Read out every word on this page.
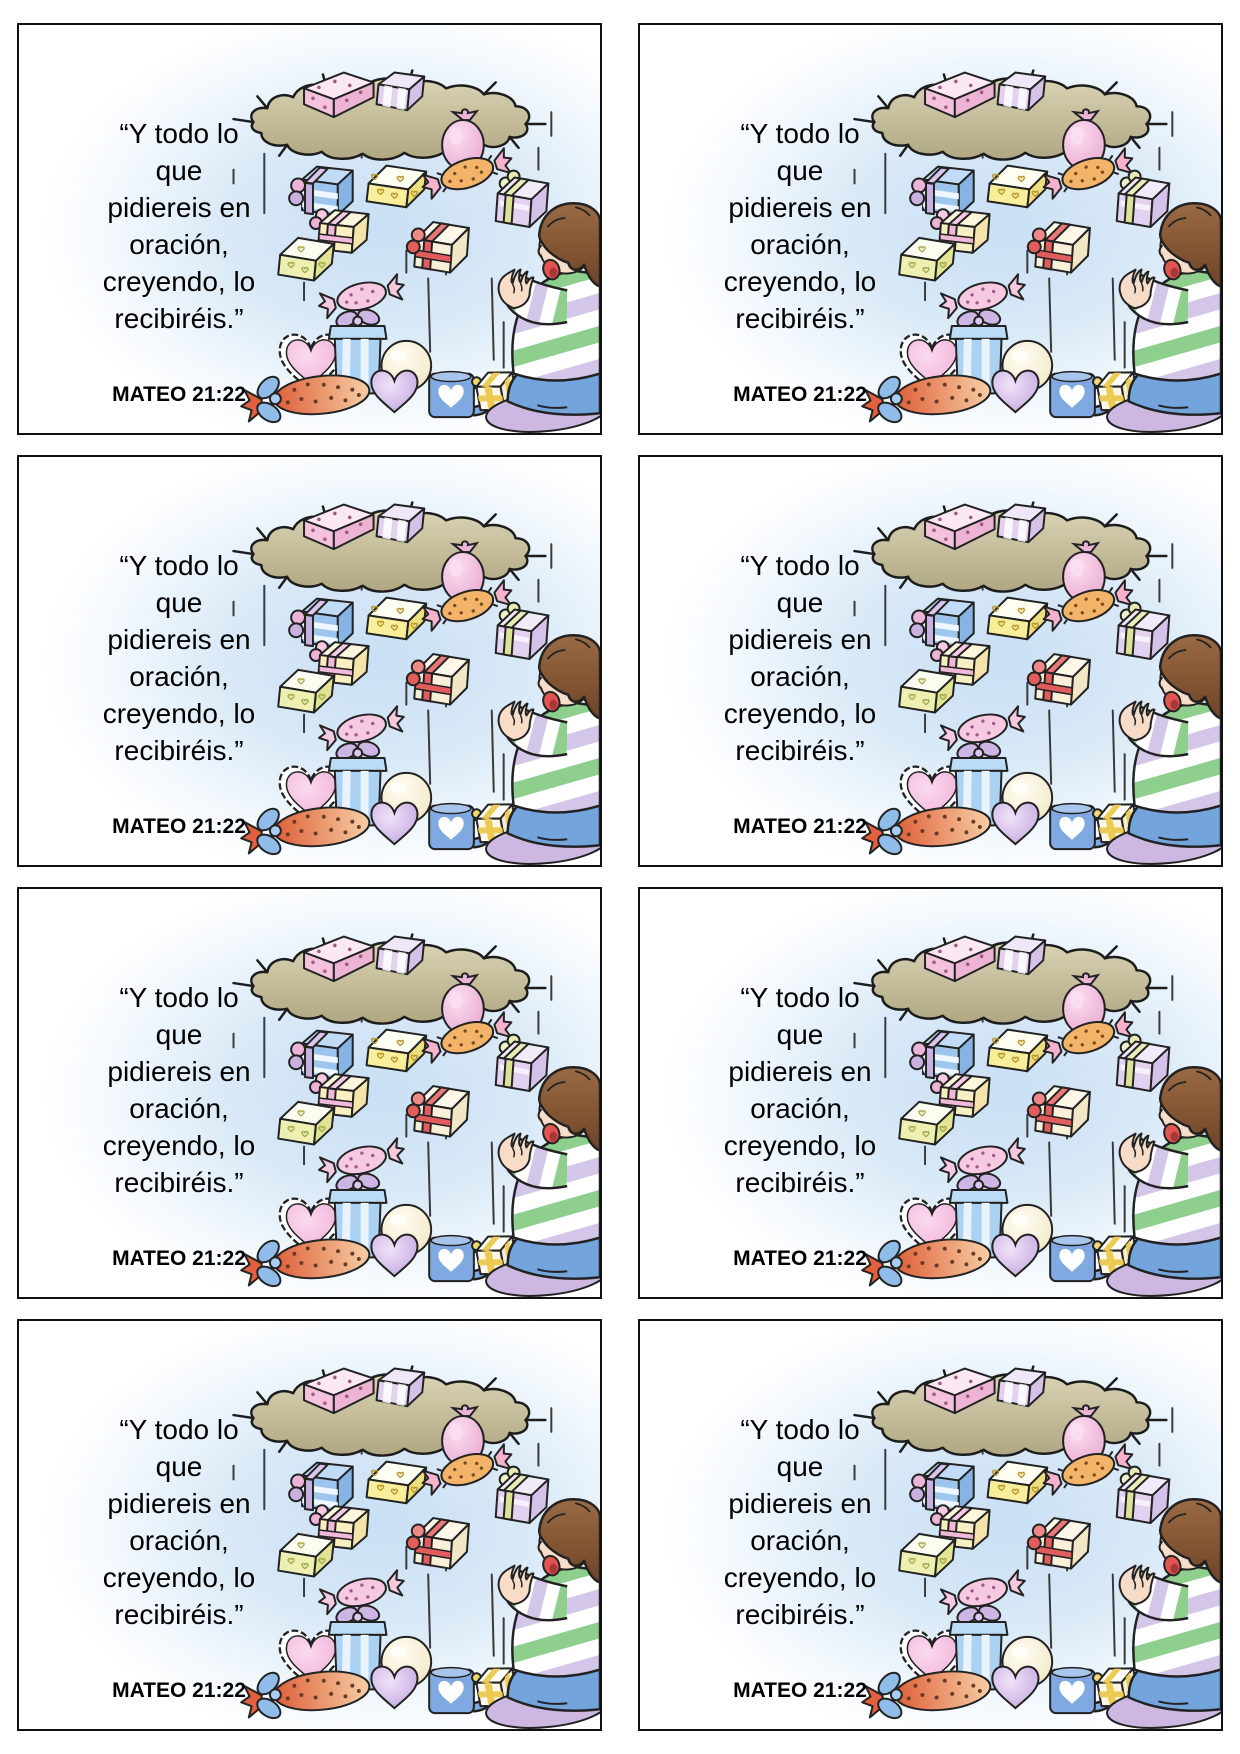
“Y todo lo
que
pidiereis en
oración,
creyendo, lo
recibiréis.”
MATEO 21:22
“Y todo lo
que
pidiereis en
oración,
creyendo, lo
recibiréis.”
MATEO 21:22
“Y todo lo
que
pidiereis en
oración,
creyendo, lo
recibiréis.”
MATEO 21:22
“Y todo lo
que
pidiereis en
oración,
creyendo, lo
recibiréis.”
MATEO 21:22
“Y todo lo
que
pidiereis en
oración,
creyendo, lo
recibiréis.”
MATEO 21:22
“Y todo lo
que
pidiereis en
oración,
creyendo, lo
recibiréis.”
MATEO 21:22
“Y todo lo
que
pidiereis en
oración,
creyendo, lo
recibiréis.”
MATEO 21:22
“Y todo lo
que
pidiereis en
oración,
creyendo, lo
recibiréis.”
MATEO 21:22
